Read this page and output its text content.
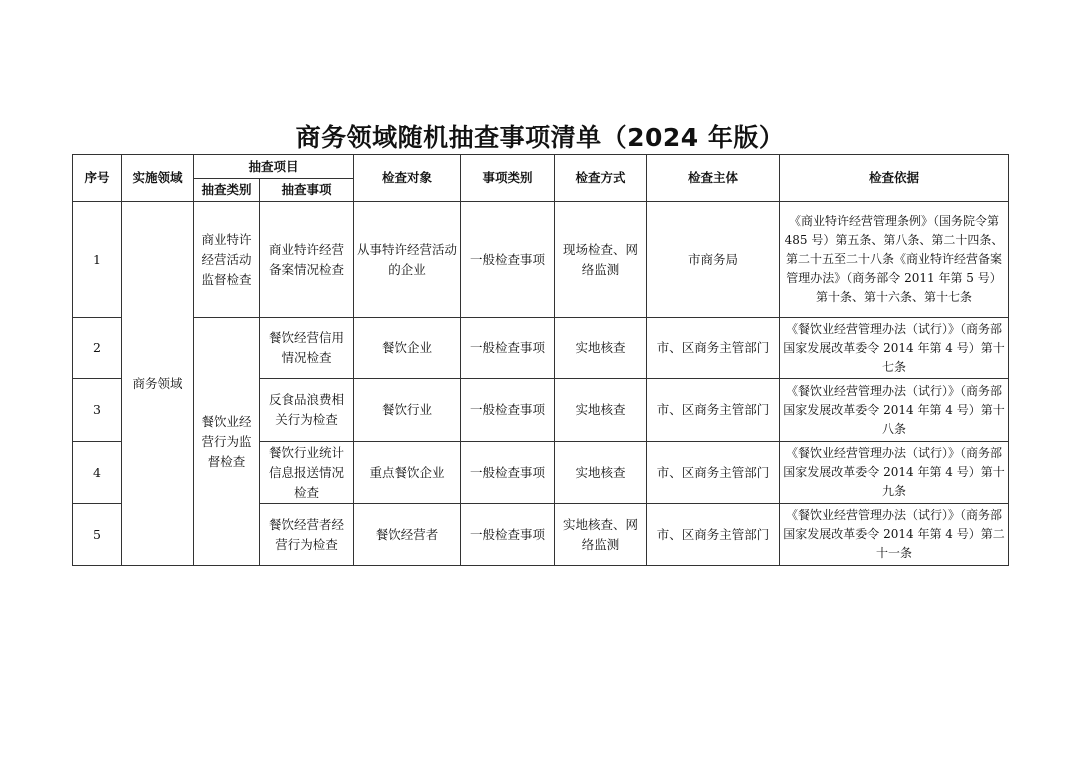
商务领域随机抽查事项清单（2024 年版）
序号	实施领域	抽查项目		检查对象	事项类别	检查方式	检查主体	检查依据
		抽查类别	抽查事项					
1	商务领域	商业特许经营活动监督检查	商业特许经营备案情况检查	从事特许经营活动的企业	一般检查事项	现场检查、网络监测	市商务局	《商业特许经营管理条例》（国务院令第 485 号）第五条、第八条、第二十四条、第二十五至二十八条《商业特许经营备案管理办法》（商务部令 2011 年第 5 号）第十条、第十六条、第十七条
2		餐饮业经营行为监督检查	餐饮经营信用情况检查	餐饮企业	一般检查事项	实地核查	市、区商务主管部门	《餐饮业经营管理办法（试行）》（商务部 国家发展改革委令 2014 年第 4 号）第十七条
3			反食品浪费相关行为检查	餐饮行业	一般检查事项	实地核查	市、区商务主管部门	《餐饮业经营管理办法（试行）》（商务部 国家发展改革委令 2014 年第 4 号）第十八条
4			餐饮行业统计信息报送情况检查	重点餐饮企业	一般检查事项	实地核查	市、区商务主管部门	《餐饮业经营管理办法（试行）》（商务部 国家发展改革委令 2014 年第 4 号）第十九条
5			餐饮经营者经营行为检查	餐饮经营者	一般检查事项	实地核查、网络监测	市、区商务主管部门	《餐饮业经营管理办法（试行）》（商务部 国家发展改革委令 2014 年第 4 号）第二十一条
